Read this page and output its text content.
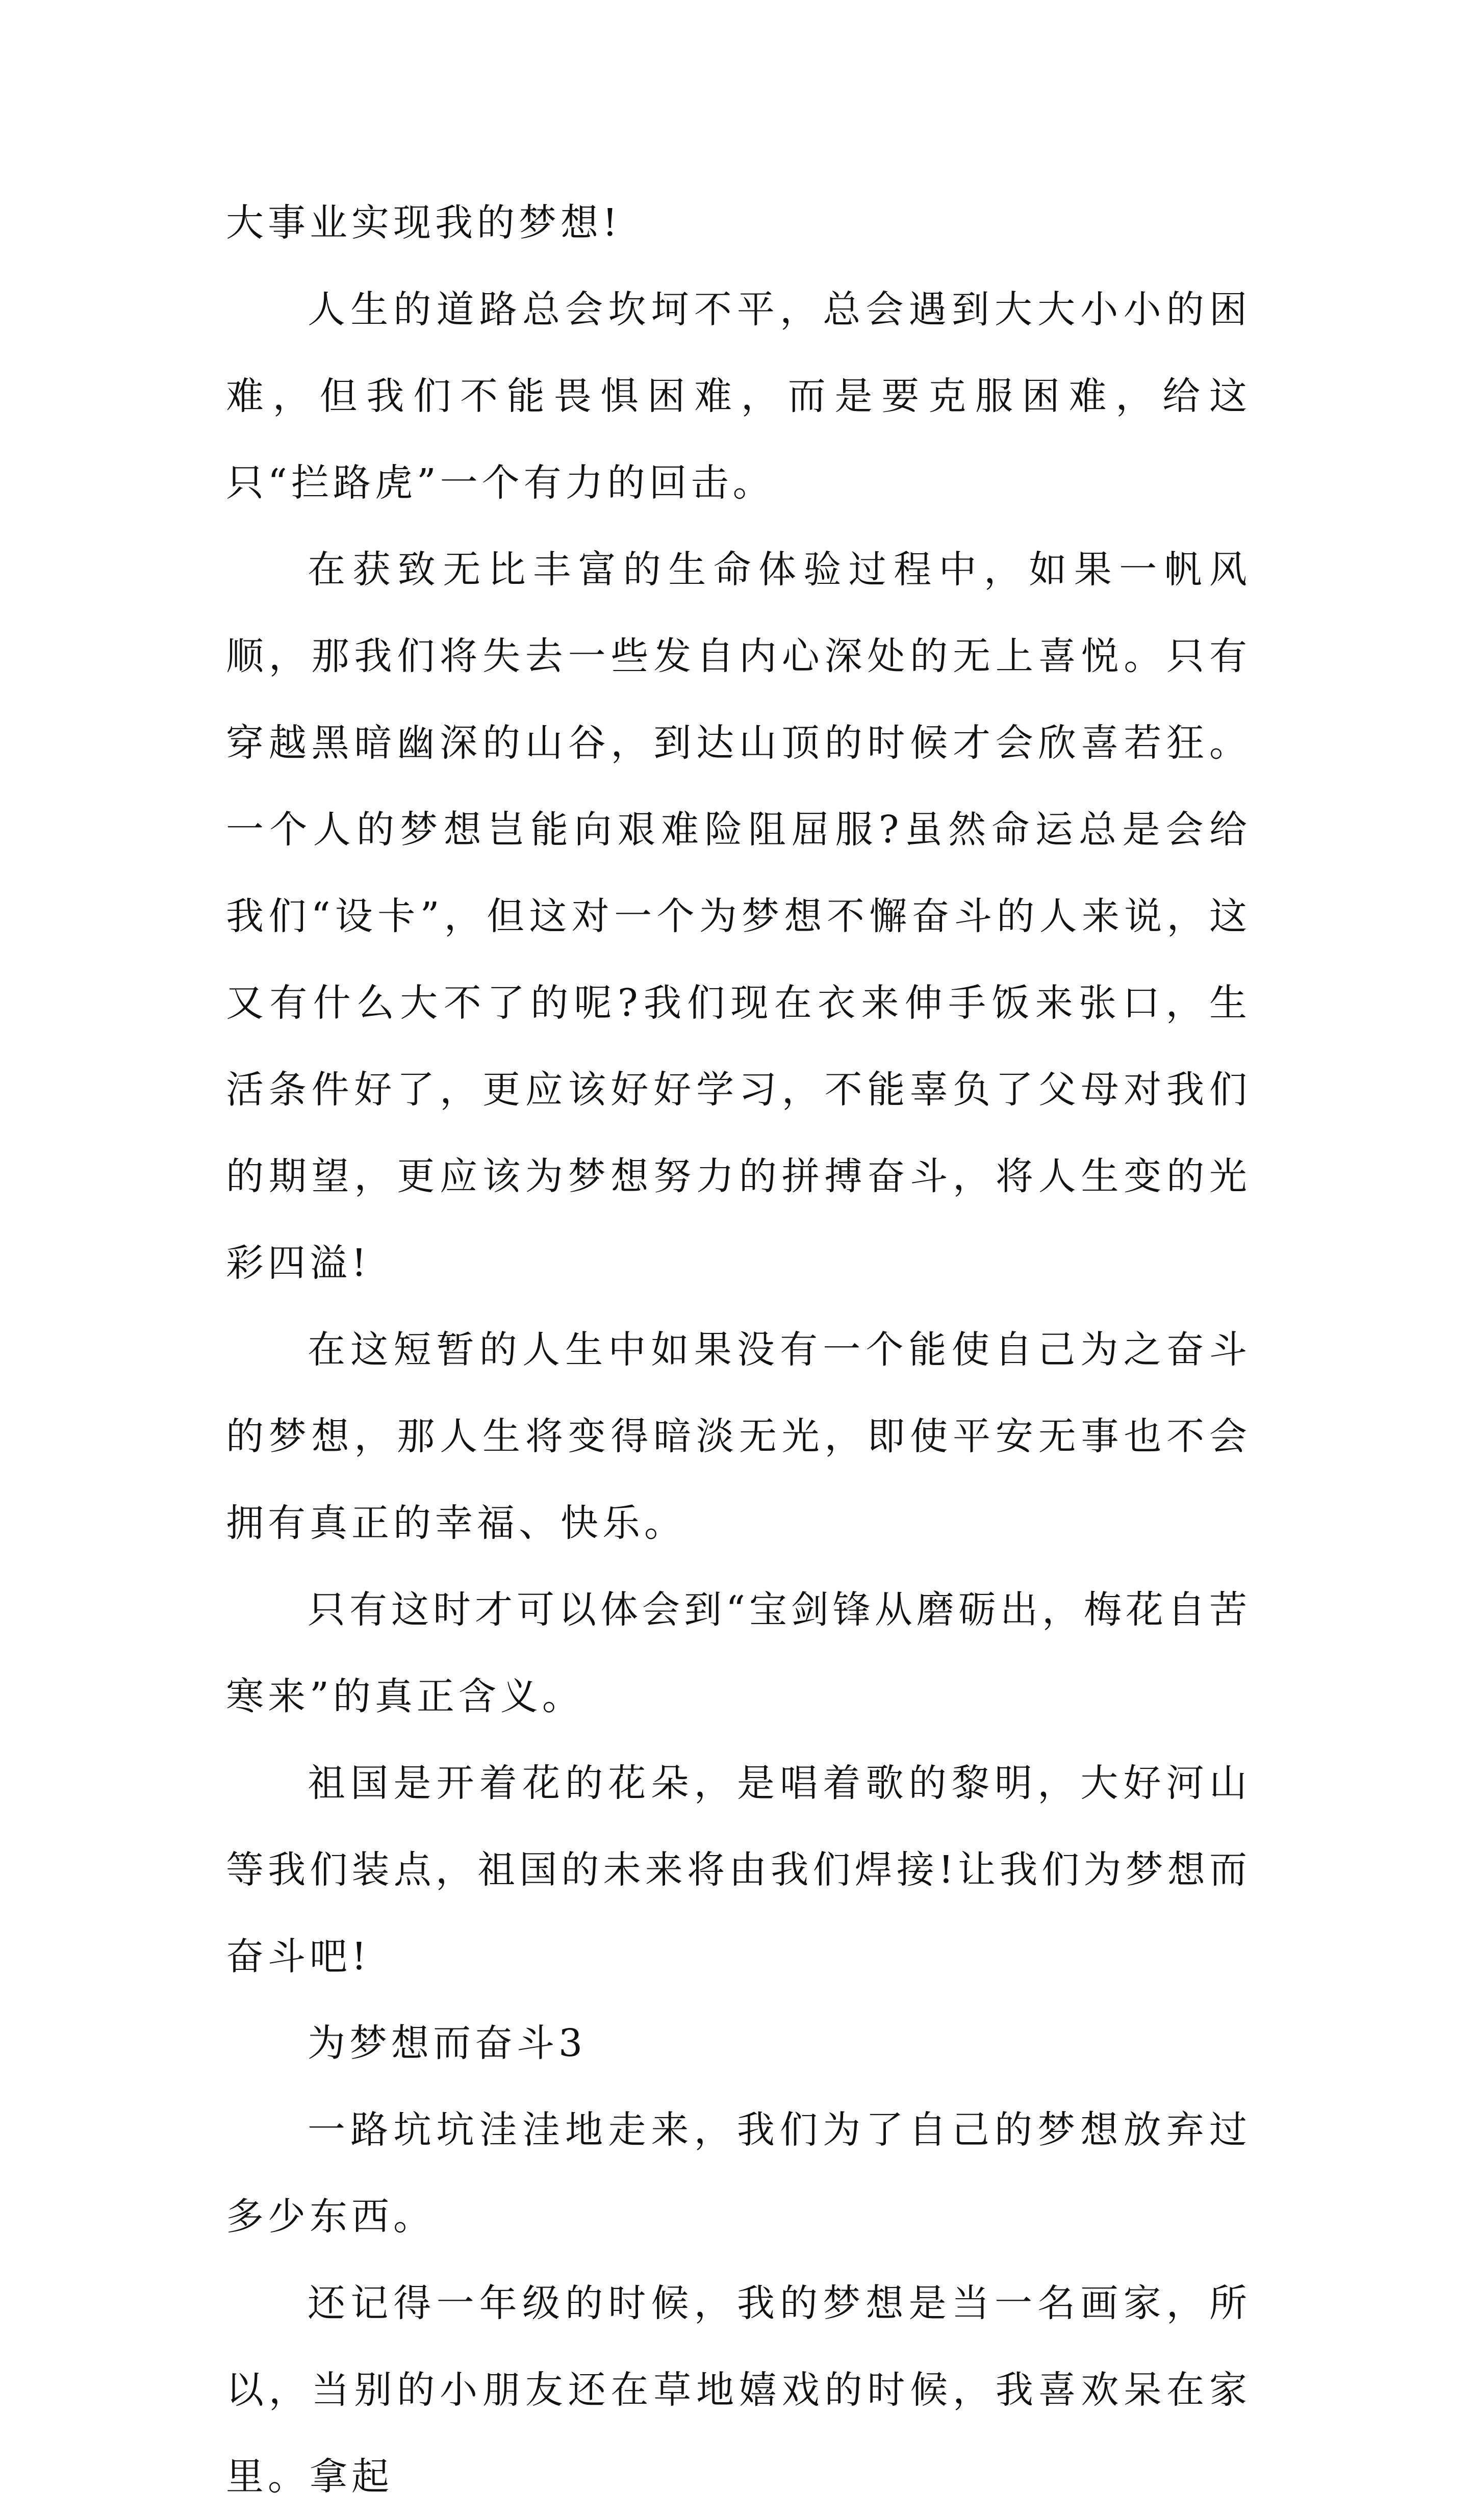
大事业实现我的梦想!

人生的道路总会坎坷不平，总会遇到大大小小的困难，但我们不能畏惧困难，而是要克服困难，给这只“拦路虎”一个有力的回击。

在获致无比丰富的生命体验过程中，如果一帆风顺，那我们将失去一些发自内心深处的无上喜悦。只有穿越黑暗幽深的山谷，到达山顶的时候才会欣喜若狂。一个人的梦想岂能向艰难险阻屈服?虽然命运总是会给我们“设卡”，但这对一个为梦想不懈奋斗的人来说，这又有什么大不了的呢?我们现在衣来伸手饭来张口，生活条件好了，更应该好好学习，不能辜负了父母对我们的期望，更应该为梦想努力的拼搏奋斗，将人生变的光彩四溢!

在这短暂的人生中如果没有一个能使自己为之奋斗的梦想，那人生将变得暗淡无光，即使平安无事也不会拥有真正的幸福、快乐。

只有这时才可以体会到“宝剑锋从磨砺出，梅花自苦寒来”的真正含义。

祖国是开着花的花朵，是唱着歌的黎明，大好河山等我们装点，祖国的未来将由我们焊接!让我们为梦想而奋斗吧!

为梦想而奋斗3

一路坑坑洼洼地走来，我们为了自己的梦想放弃过多少东西。

还记得一年级的时候，我的梦想是当一名画家，所以，当别的小朋友还在草地嬉戏的时候，我喜欢呆在家里。拿起
